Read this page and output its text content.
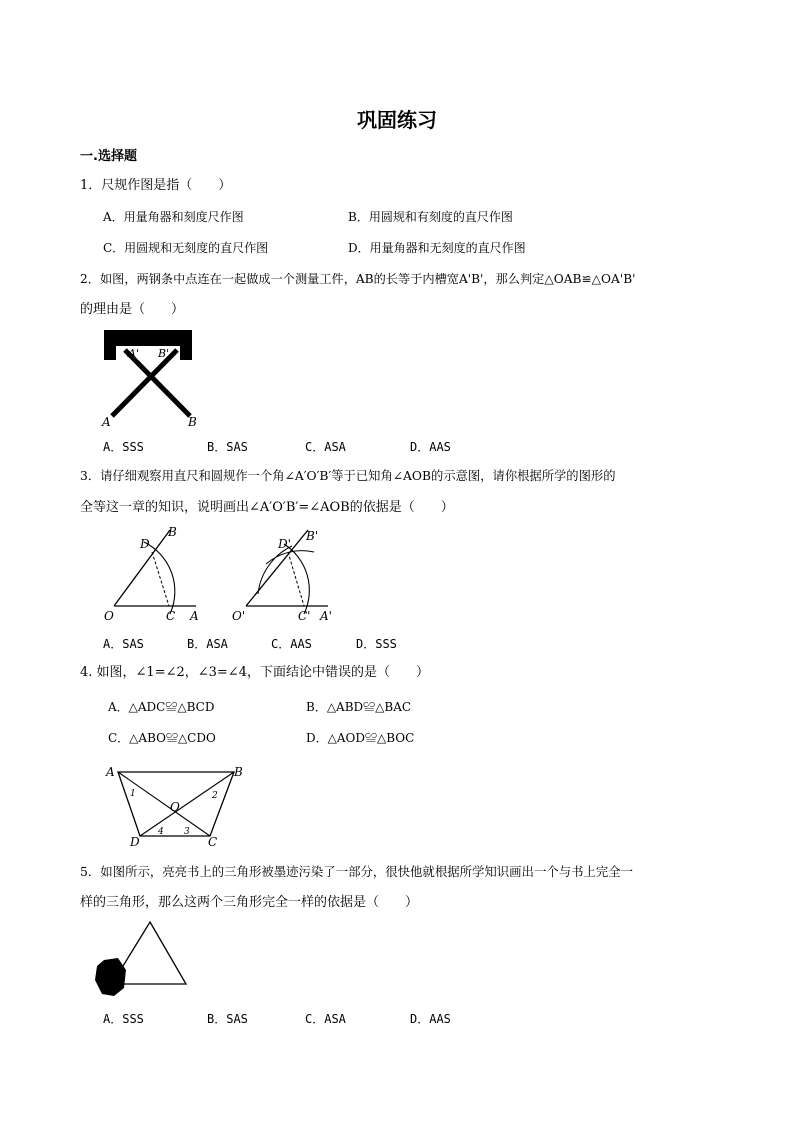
巩固练习
一.选择题
1．尺规作图是指（　　）
A．用量角器和刻度尺作图	B．用圆规和有刻度的直尺作图
C．用圆规和无刻度的直尺作图	D．用量角器和无刻度的直尺作图
2．如图，两钢条中点连在一起做成一个测量工件，AB的长等于内槽宽A'B'，那么判定△OAB≌△OA'B'
的理由是（　　）
A' B'
A	B
A．SSS	B．SAS	C．ASA	D．AAS
3．请仔细观察用直尺和圆规作一个角∠A′O′B′等于已知角∠AOB的示意图，请你根据所学的图形的
全等这一章的知识，说明画出∠A′O′B′=∠AOB的依据是（　　）
D
B
O	C A
D'
B'
O'	C' A'
A．SAS	B．ASA	C．AAS	D．SSS
4. 如图，∠1=∠2，∠3=∠4，下面结论中错误的是（　　）
A．△ADC≌△BCD	B．△ABD≌△BAC
C．△ABO≌△CDO	D．△AOD≌△BOC
A	B
O
D	C
1	2
3
4
5．如图所示，亮亮书上的三角形被墨迹污染了一部分，很快他就根据所学知识画出一个与书上完全一
样的三角形，那么这两个三角形完全一样的依据是（　　）
A．SSS	B．SAS	C．ASA	D．AAS
